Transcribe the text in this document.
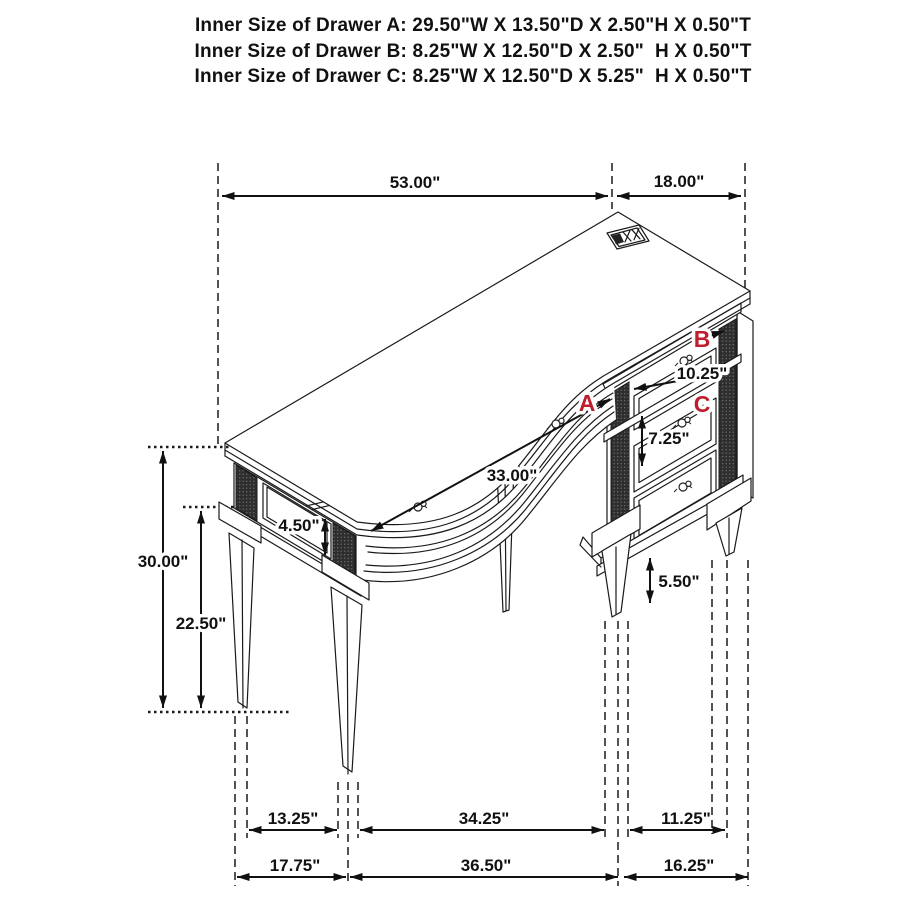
Inner Size of Drawer A: 29.50"W X 13.50"D X 2.50"H X 0.50"T
Inner Size of Drawer B: 8.25"W X 12.50"D X 2.50"  H X 0.50"T
Inner Size of Drawer C: 8.25"W X 12.50"D X 5.25"  H X 0.50"T
53.00"	18.00"
30.00"
22.50"
4.50"
33.00"
10.25"
7.25"
5.50"
13.25"	34.25"	11.25"
17.75"	36.50"	16.25"
A
B
C
